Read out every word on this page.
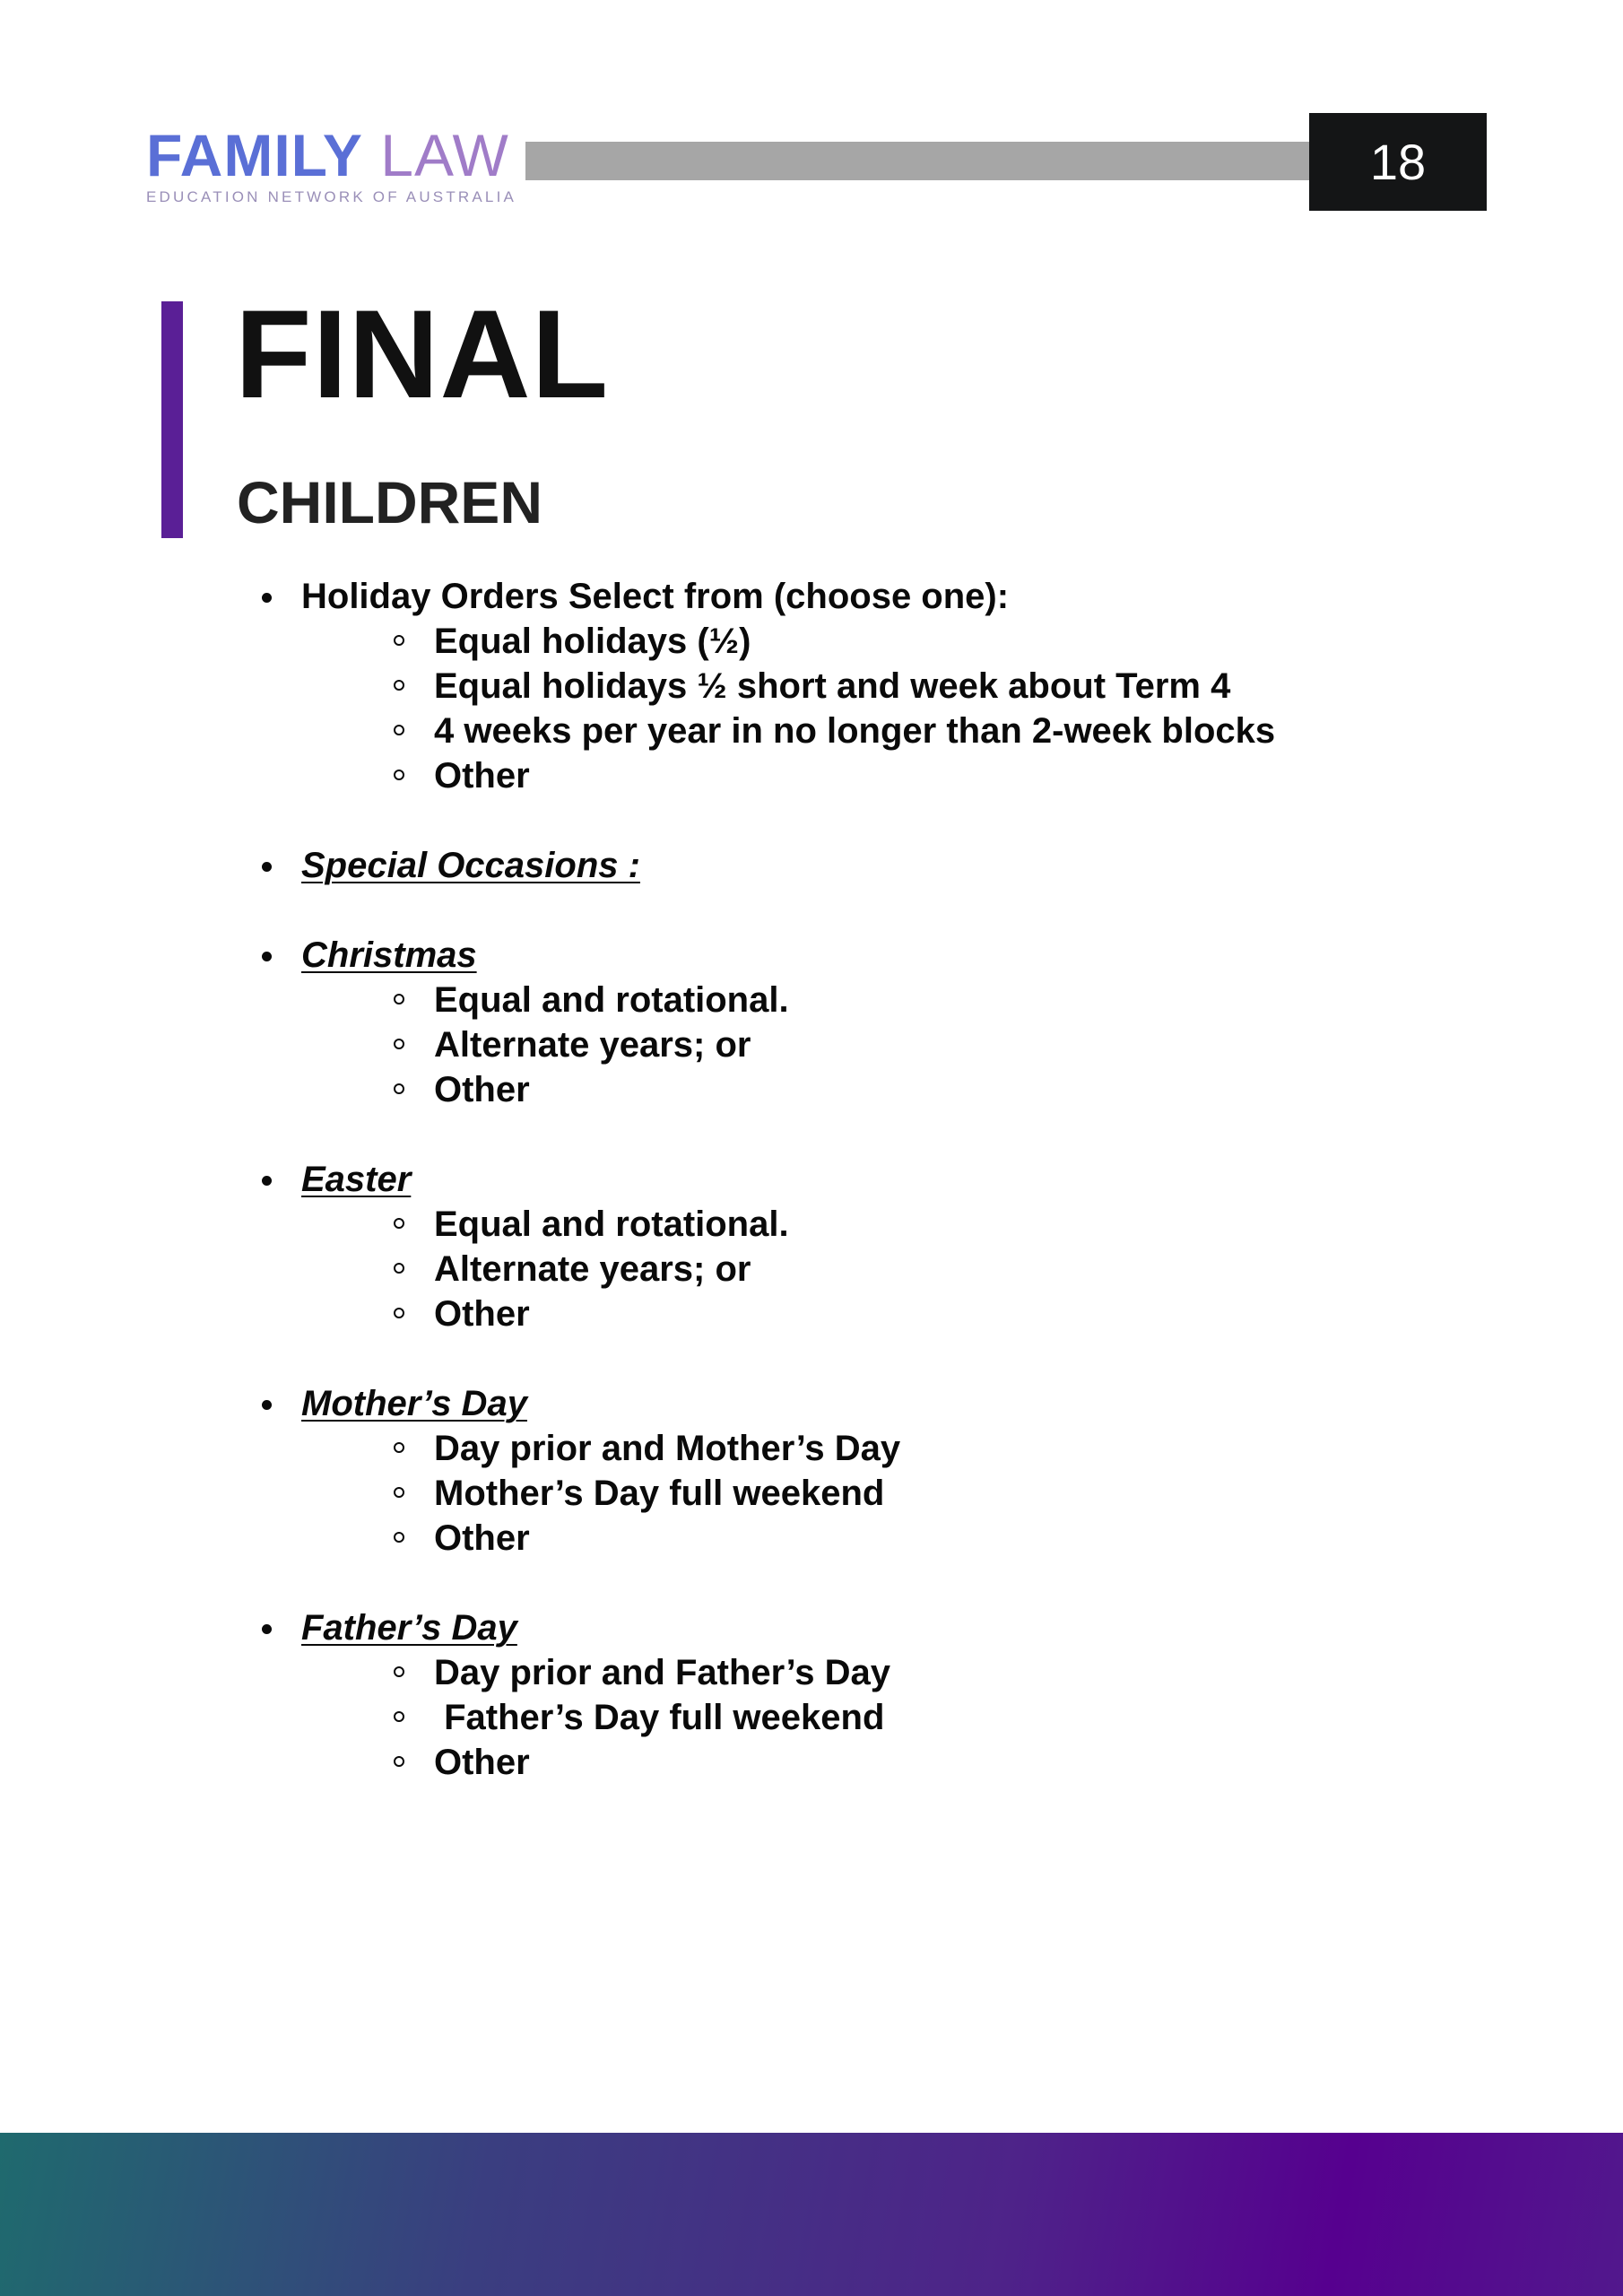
FAMILY LAW
EDUCATION NETWORK OF AUSTRALIA
18
FINAL
CHILDREN
Holiday Orders Select from (choose one):
Equal holidays (½)
Equal holidays ½ short and week about Term 4
4 weeks per year in no longer than 2-week blocks
Other
Special Occasions :
Christmas
Equal and rotational.
Alternate years; or
Other
Easter
Equal and rotational.
Alternate years; or
Other
Mother’s Day
Day prior and Mother’s Day
Mother’s Day full weekend
Other
Father’s Day
Day prior and Father’s Day
Father’s Day full weekend
Other
